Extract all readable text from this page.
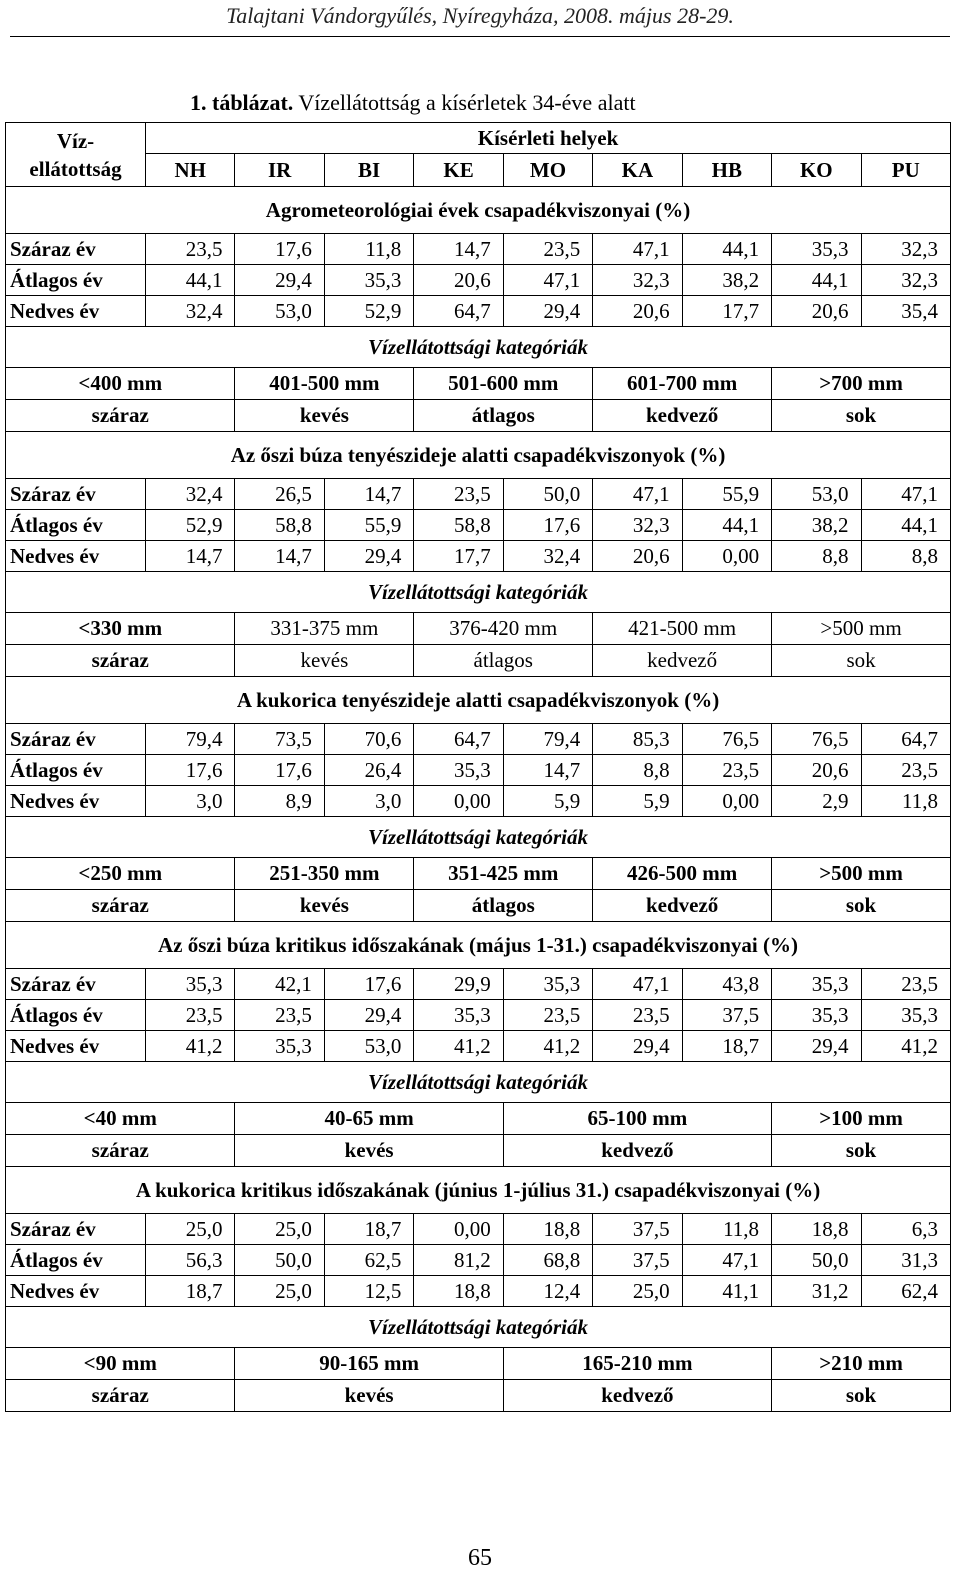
Talajtani Vándorgyűlés, Nyíregyháza, 2008. május 28-29.
1. táblázat. Vízellátottság a kísérletek 34-éve alatt
Víz-
ellátottság	Kísérleti helyek								
	NH	IR	BI	KE	MO	KA	HB	KO	PU
Agrometeorológiai évek csapadékviszonyai (%)									
Száraz év	23,5	17,6	11,8	14,7	23,5	47,1	44,1	35,3	32,3
Átlagos év	44,1	29,4	35,3	20,6	47,1	32,3	38,2	44,1	32,3
Nedves év	32,4	53,0	52,9	64,7	29,4	20,6	17,7	20,6	35,4
Vízellátottsági kategóriák									
<400 mm		401-500 mm		501-600 mm		601-700 mm		>700 mm	
száraz		kevés		átlagos		kedvező		sok	
Az őszi búza tenyészideje alatti csapadékviszonyok (%)									
Száraz év	32,4	26,5	14,7	23,5	50,0	47,1	55,9	53,0	47,1
Átlagos év	52,9	58,8	55,9	58,8	17,6	32,3	44,1	38,2	44,1
Nedves év	14,7	14,7	29,4	17,7	32,4	20,6	0,00	8,8	8,8
Vízellátottsági kategóriák									
<330 mm		331-375 mm		376-420 mm		421-500 mm		>500 mm	
száraz		kevés		átlagos		kedvező		sok	
A kukorica tenyészideje alatti csapadékviszonyok (%)									
Száraz év	79,4	73,5	70,6	64,7	79,4	85,3	76,5	76,5	64,7
Átlagos év	17,6	17,6	26,4	35,3	14,7	8,8	23,5	20,6	23,5
Nedves év	3,0	8,9	3,0	0,00	5,9	5,9	0,00	2,9	11,8
Vízellátottsági kategóriák									
<250 mm		251-350 mm		351-425 mm		426-500 mm		>500 mm	
száraz		kevés		átlagos		kedvező		sok	
Az őszi búza kritikus időszakának (május 1-31.) csapadékviszonyai (%)									
Száraz év	35,3	42,1	17,6	29,9	35,3	47,1	43,8	35,3	23,5
Átlagos év	23,5	23,5	29,4	35,3	23,5	23,5	37,5	35,3	35,3
Nedves év	41,2	35,3	53,0	41,2	41,2	29,4	18,7	29,4	41,2
Vízellátottsági kategóriák									
<40 mm		40-65 mm			65-100 mm			>100 mm	
száraz		kevés			kedvező			sok	
A kukorica kritikus időszakának (június 1-július 31.) csapadékviszonyai (%)									
Száraz év	25,0	25,0	18,7	0,00	18,8	37,5	11,8	18,8	6,3
Átlagos év	56,3	50,0	62,5	81,2	68,8	37,5	47,1	50,0	31,3
Nedves év	18,7	25,0	12,5	18,8	12,4	25,0	41,1	31,2	62,4
Vízellátottsági kategóriák									
<90 mm		90-165 mm			165-210 mm			>210 mm	
száraz		kevés			kedvező			sok	
65
